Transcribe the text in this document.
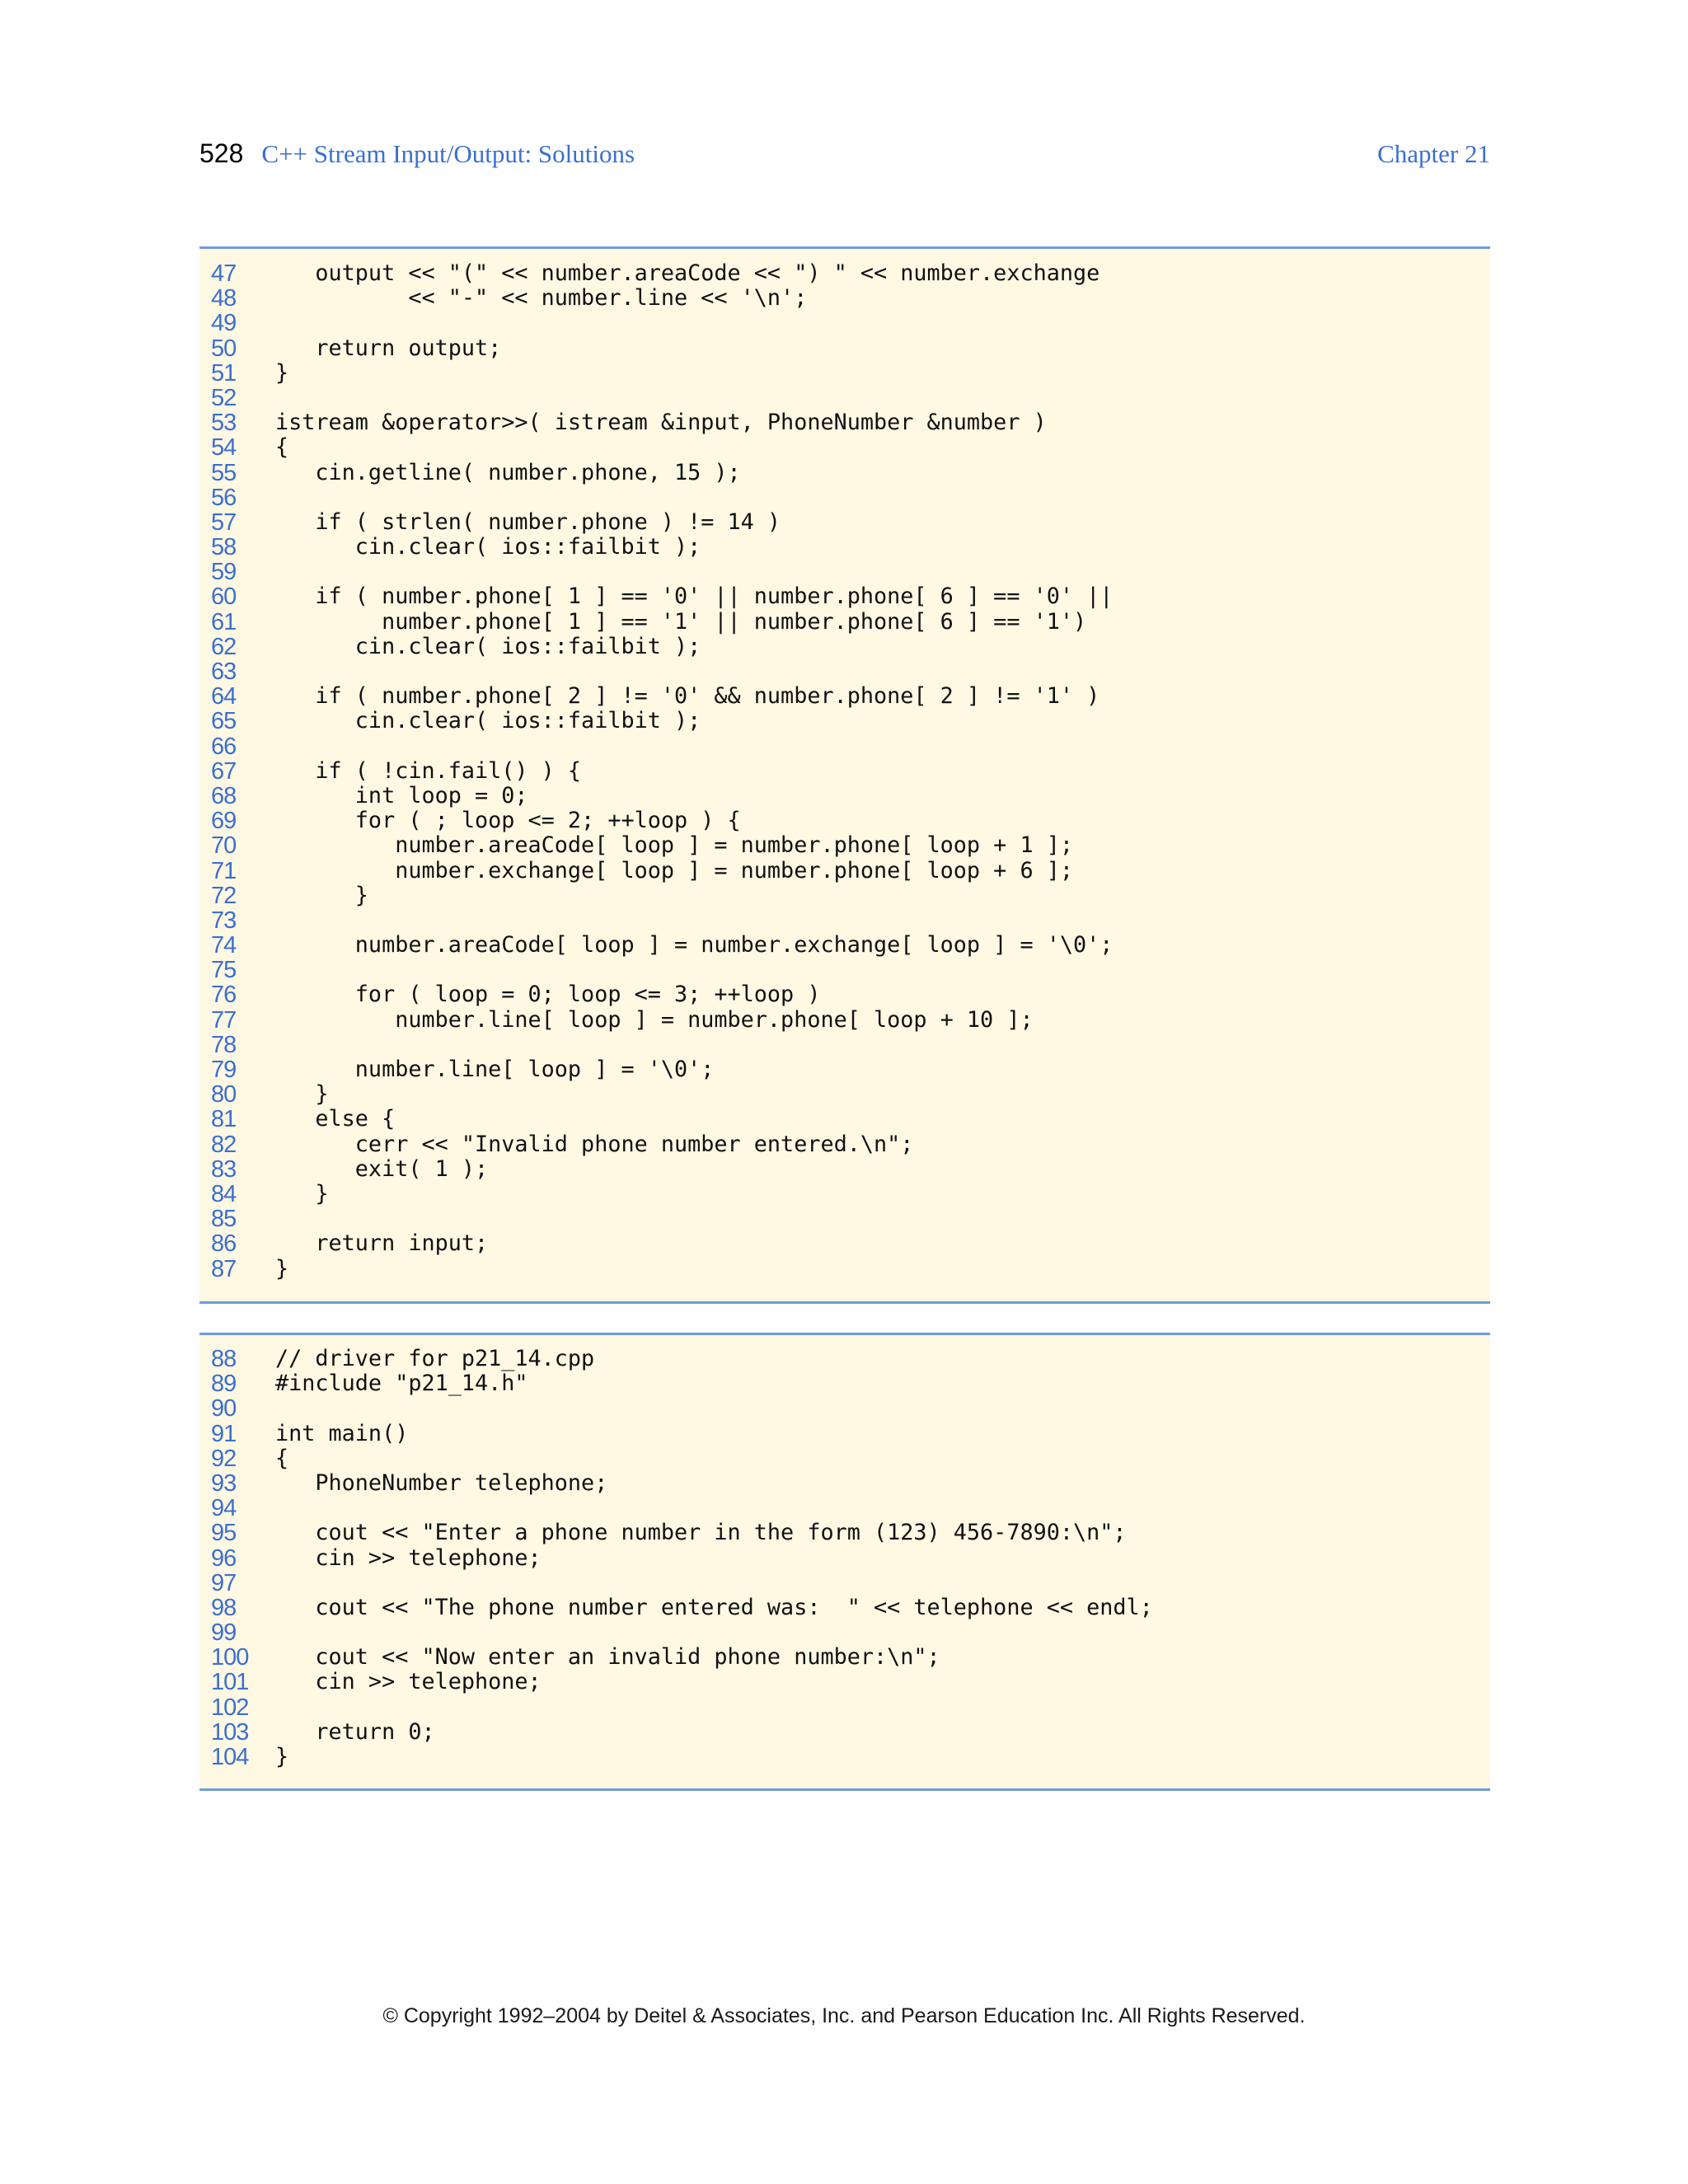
528 C++ Stream Input/Output: Solutions	Chapter 21
47	output << "(" << number.areaCode << ") " << number.exchange
48	<< "-" << number.line << '\n';
49
50	return output;
51	}
52
53	istream &operator>>( istream &input, PhoneNumber &number )
54	{
55	cin.getline( number.phone, 15 );
56
57	if ( strlen( number.phone ) != 14 )
58	cin.clear( ios::failbit );
59
60	if ( number.phone[ 1 ] == '0' || number.phone[ 6 ] == '0' ||
61	number.phone[ 1 ] == '1' || number.phone[ 6 ] == '1')
62	cin.clear( ios::failbit );
63
64	if ( number.phone[ 2 ] != '0' && number.phone[ 2 ] != '1' )
65	cin.clear( ios::failbit );
66
67	if ( !cin.fail() ) {
68	int loop = 0;
69	for ( ; loop <= 2; ++loop ) {
70	number.areaCode[ loop ] = number.phone[ loop + 1 ];
71	number.exchange[ loop ] = number.phone[ loop + 6 ];
72	}
73
74	number.areaCode[ loop ] = number.exchange[ loop ] = '\0';
75
76	for ( loop = 0; loop <= 3; ++loop )
77	number.line[ loop ] = number.phone[ loop + 10 ];
78
79	number.line[ loop ] = '\0';
80	}
81	else {
82	cerr << "Invalid phone number entered.\n";
83	exit( 1 );
84	}
85
86	return input;
87	}
88	// driver for p21_14.cpp
89	#include "p21_14.h"
90
91	int main()
92	{
93	PhoneNumber telephone;
94
95	cout << "Enter a phone number in the form (123) 456-7890:\n";
96	cin >> telephone;
97
98	cout << "The phone number entered was:  " << telephone << endl;
99
100	cout << "Now enter an invalid phone number:\n";
101	cin >> telephone;
102
103	return 0;
104	}
© Copyright 1992–2004 by Deitel & Associates, Inc. and Pearson Education Inc. All Rights Reserved.
